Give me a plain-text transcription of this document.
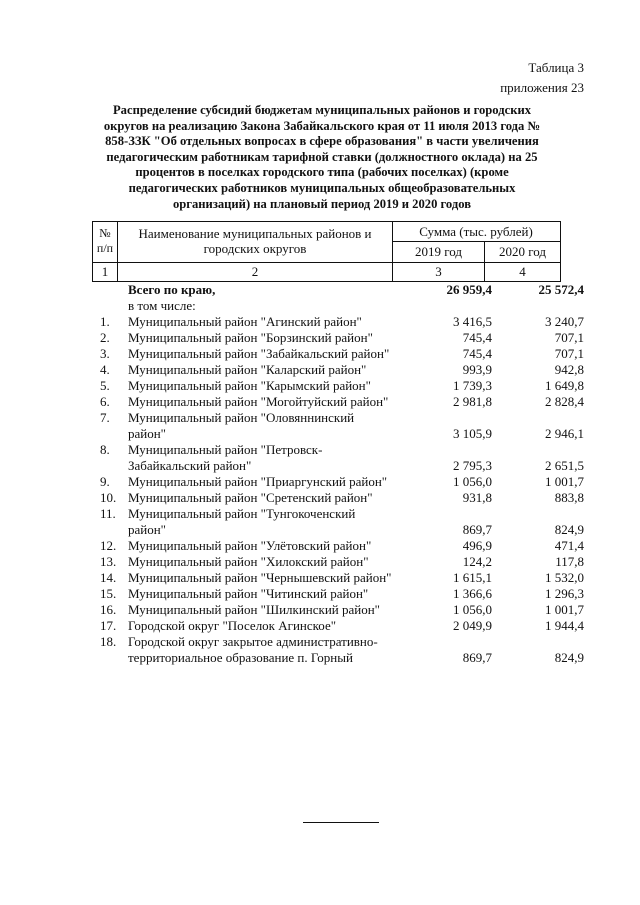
Таблица 3
приложения 23
Распределение субсидий бюджетам муниципальных районов и городских округов на реализацию Закона Забайкальского края от 11 июля 2013 года № 858-ЗЗК "Об отдельных вопросах в сфере образования" в части увеличения педагогическим работникам тарифной ставки (должностного оклада) на 25 процентов в поселках городского типа (рабочих поселках) (кроме педагогических работников муниципальных общеобразовательных организаций) на плановый период 2019 и 2020 годов
№ п/п
Наименование муниципальных районов и городских округов
Сумма (тыс. рублей)
2019 год	2020 год
1	2	3	4
Всего по краю,	26 959,4	25 572,4
в том числе:
1.	Муниципальный район "Агинский район"	3 416,5	3 240,7
2.	Муниципальный район "Борзинский район"	745,4	707,1
3.	Муниципальный район "Забайкальский район"	745,4	707,1
4.	Муниципальный район "Каларский район"	993,9	942,8
5.	Муниципальный район "Карымский район"	1 739,3	1 649,8
6.	Муниципальный район "Могойтуйский район"	2 981,8	2 828,4
7.	Муниципальный район "Оловяннинский район"	3 105,9	2 946,1
8.	Муниципальный район "Петровск-Забайкальский район"	2 795,3	2 651,5
9.	Муниципальный район "Приаргунский район"	1 056,0	1 001,7
10. Муниципальный район "Сретенский район"	931,8	883,8
11. Муниципальный район "Тунгокоченский район"	869,7	824,9
12. Муниципальный район "Улётовский район"	496,9	471,4
13. Муниципальный район "Хилокский район"	124,2	117,8
14. Муниципальный район "Чернышевский район"	1 615,1	1 532,0
15. Муниципальный район "Читинский район"	1 366,6	1 296,3
16. Муниципальный район "Шилкинский район"	1 056,0	1 001,7
17. Городской округ "Поселок Агинское"	2 049,9	1 944,4
18. Городской округ закрытое административно-территориальное образование п. Горный	869,7	824,9
